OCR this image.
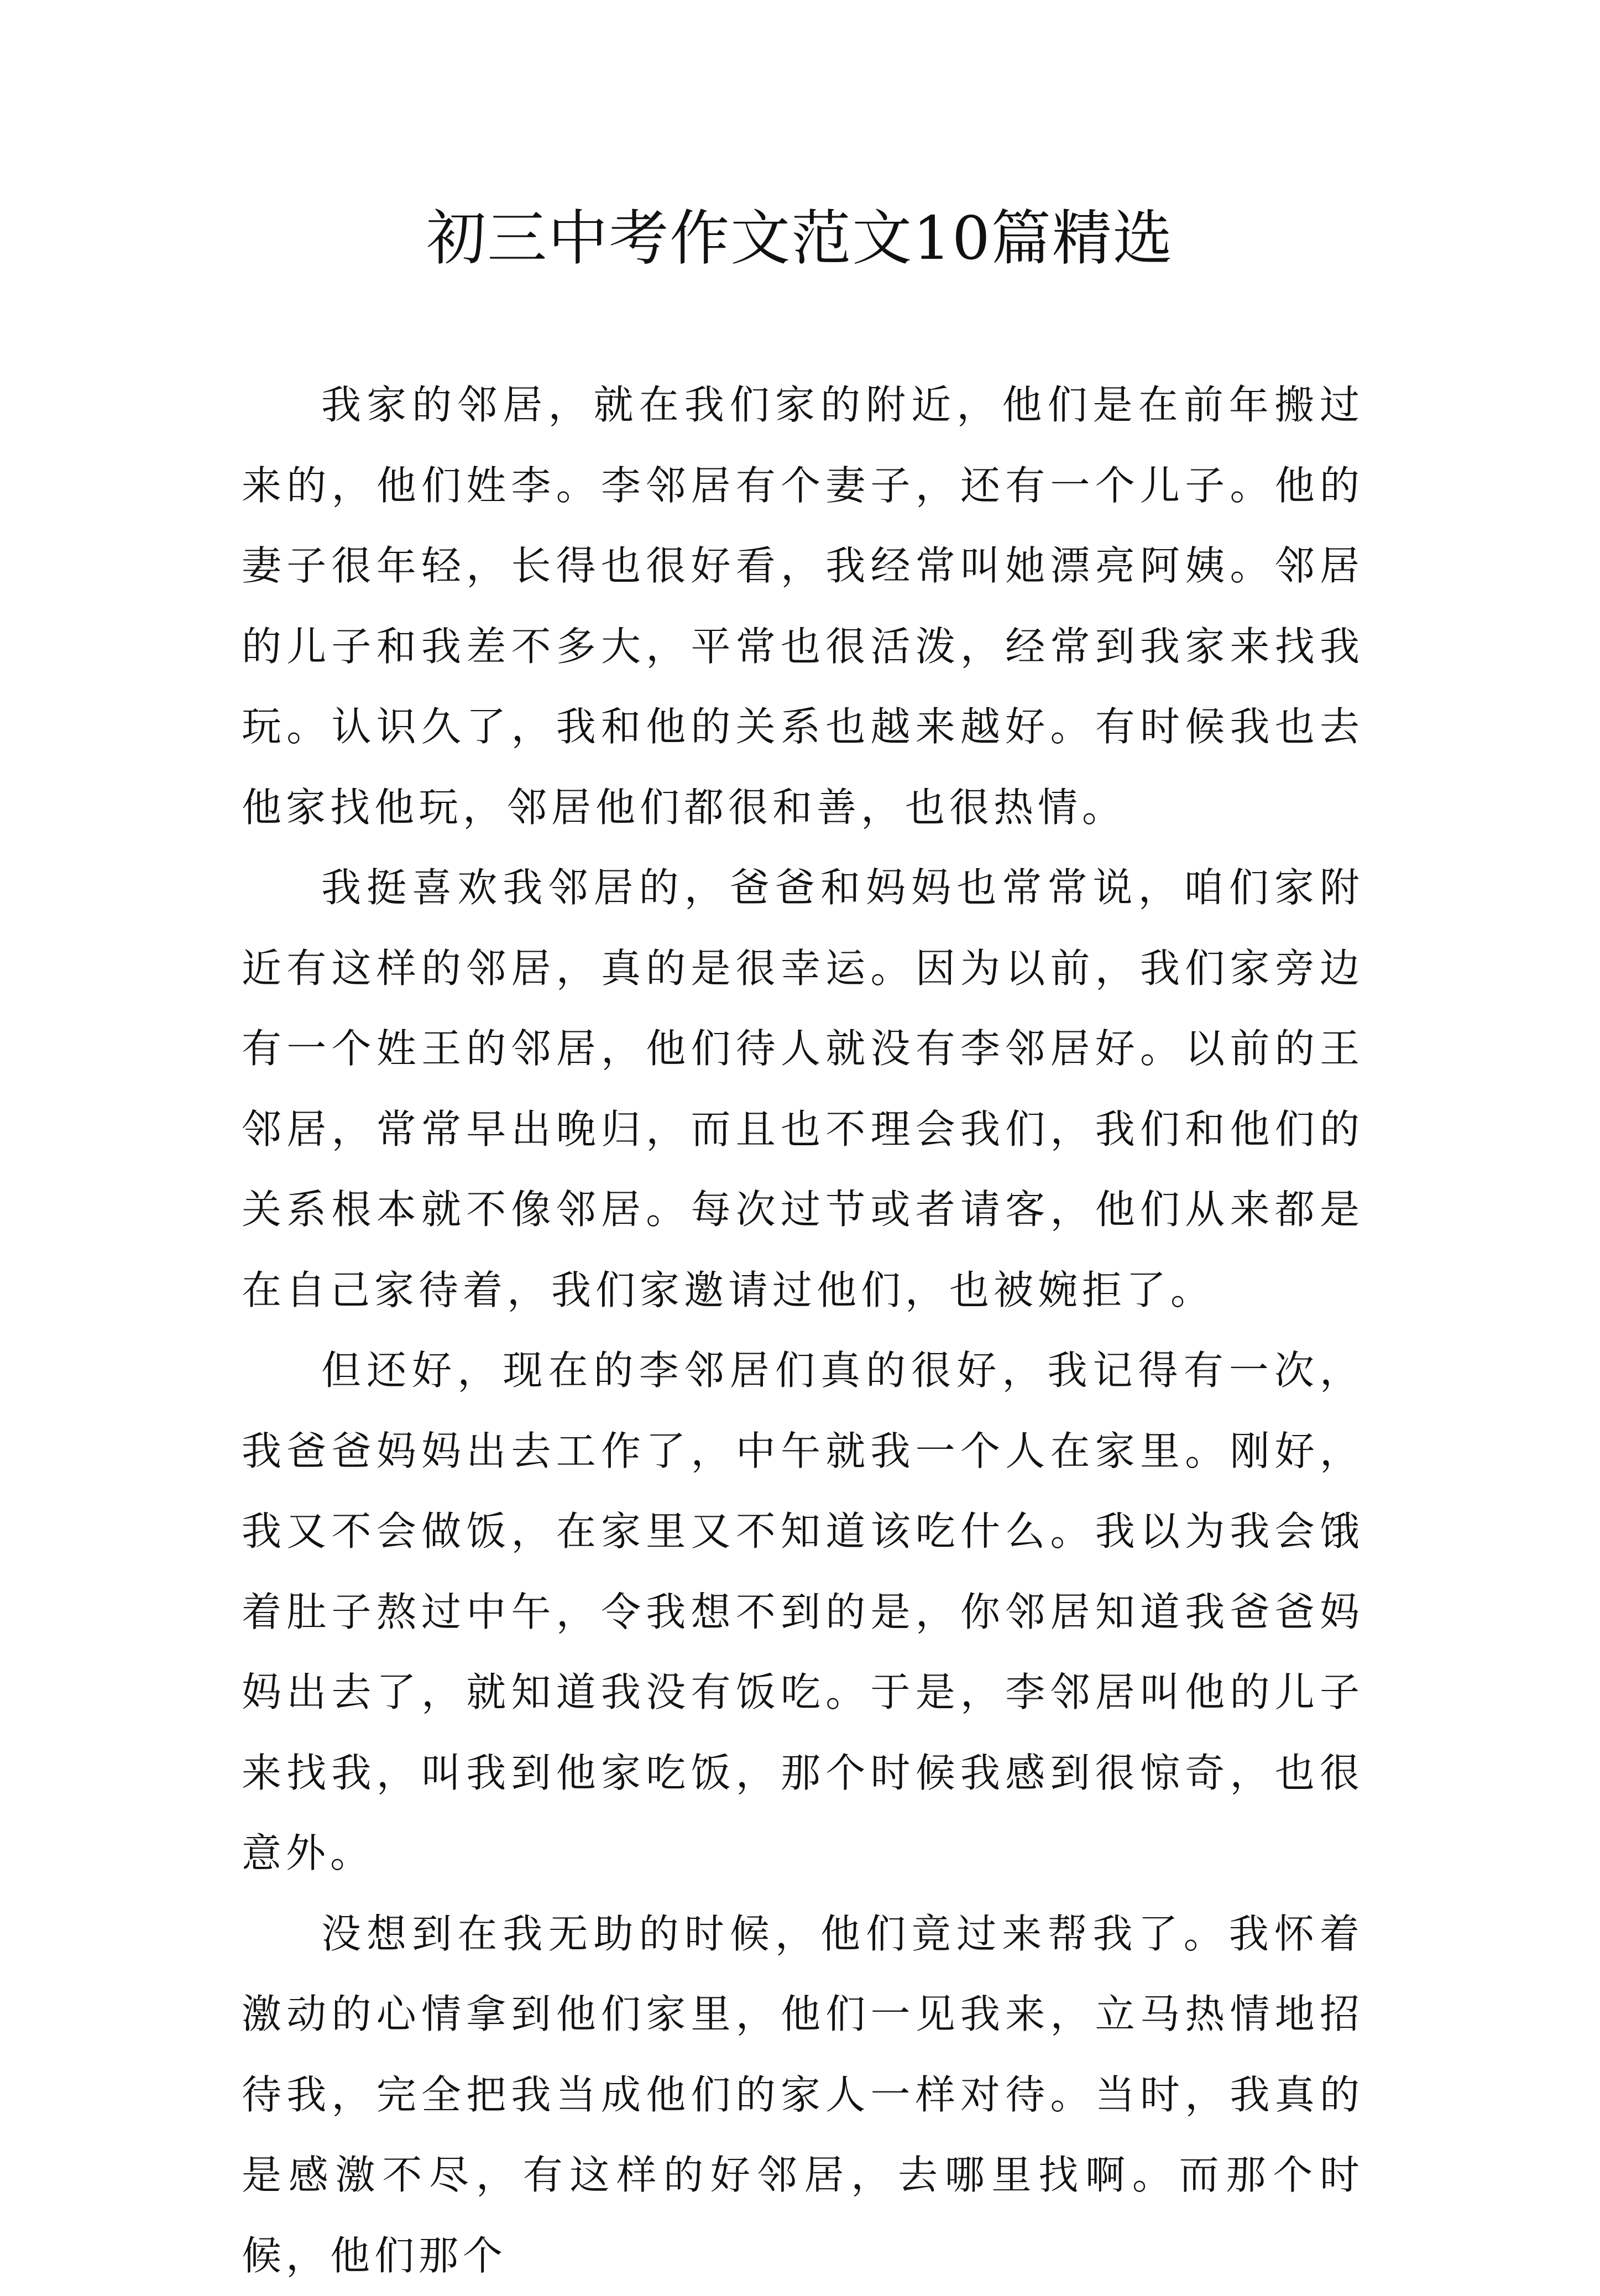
初三中考作文范文10篇精选

我家的邻居，就在我们家的附近，他们是在前年搬过来的，他们姓李。李邻居有个妻子，还有一个儿子。他的妻子很年轻，长得也很好看，我经常叫她漂亮阿姨。邻居的儿子和我差不多大，平常也很活泼，经常到我家来找我玩。认识久了，我和他的关系也越来越好。有时候我也去他家找他玩，邻居他们都很和善，也很热情。

我挺喜欢我邻居的，爸爸和妈妈也常常说，咱们家附近有这样的邻居，真的是很幸运。因为以前，我们家旁边有一个姓王的邻居，他们待人就没有李邻居好。以前的王邻居，常常早出晚归，而且也不理会我们，我们和他们的关系根本就不像邻居。每次过节或者请客，他们从来都是在自己家待着，我们家邀请过他们，也被婉拒了。

但还好，现在的李邻居们真的很好，我记得有一次，我爸爸妈妈出去工作了，中午就我一个人在家里。刚好，我又不会做饭，在家里又不知道该吃什么。我以为我会饿着肚子熬过中午，令我想不到的是，你邻居知道我爸爸妈妈出去了，就知道我没有饭吃。于是，李邻居叫他的儿子来找我，叫我到他家吃饭，那个时候我感到很惊奇，也很意外。

没想到在我无助的时候，他们竟过来帮我了。我怀着激动的心情拿到他们家里，他们一见我来，立马热情地招待我，完全把我当成他们的家人一样对待。当时，我真的是感激不尽，有这样的好邻居，去哪里找啊。而那个时候，他们那个
